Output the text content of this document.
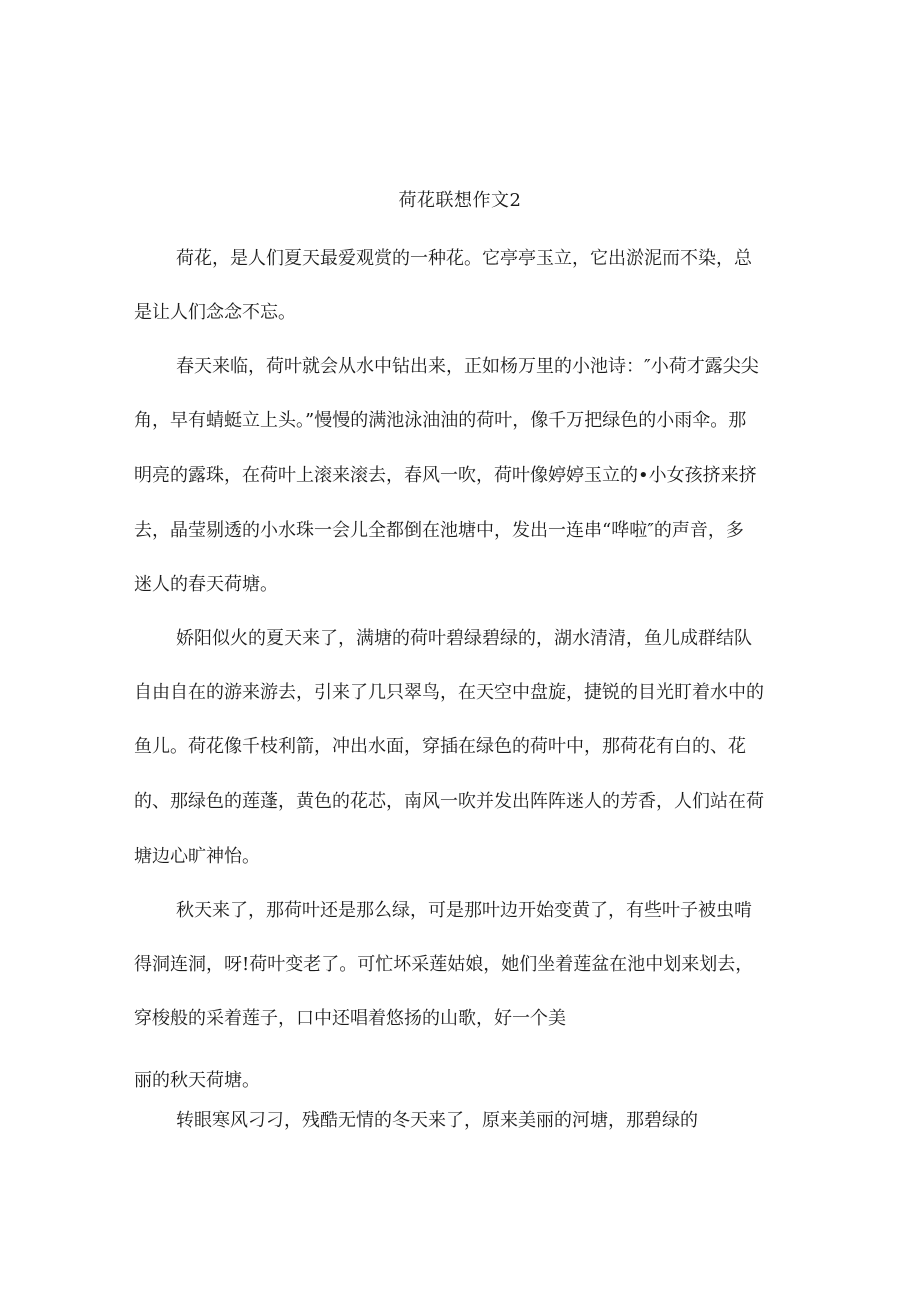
荷花联想作文2
荷花，是人们夏天最爱观赏的一种花。它亭亭玉立，它出淤泥而不染，总
是让人们念念不忘。
春天来临，荷叶就会从水中钻出来，正如杨万里的小池诗：″小荷才露尖尖
角，早有蜻蜓立上头。”慢慢的满池泳油油的荷叶，像千万把绿色的小雨伞。那
明亮的露珠，在荷叶上滚来滚去，春风一吹，荷叶像婷婷玉立的•小女孩挤来挤
去，晶莹剔透的小水珠一会儿全都倒在池塘中，发出一连串“哗啦″的声音，多
迷人的春天荷塘。
娇阳似火的夏天来了，满塘的荷叶碧绿碧绿的，湖水清清，鱼儿成群结队
自由自在的游来游去，引来了几只翠鸟，在天空中盘旋，捷锐的目光盯着水中的
鱼儿。荷花像千枝利箭，冲出水面，穿插在绿色的荷叶中，那荷花有白的、花
的、那绿色的莲蓬，黄色的花芯，南风一吹并发出阵阵迷人的芳香，人们站在荷
塘边心旷神怡。
秋天来了，那荷叶还是那么绿，可是那叶边开始变黄了，有些叶子被虫啃
得洞连洞，呀!荷叶变老了。可忙坏采莲姑娘，她们坐着莲盆在池中划来划去，
穿梭般的采着莲子，口中还唱着悠扬的山歌，好一个美
丽的秋天荷塘。
转眼寒风刁刁，残酷无情的冬天来了，原来美丽的河塘，那碧绿的
